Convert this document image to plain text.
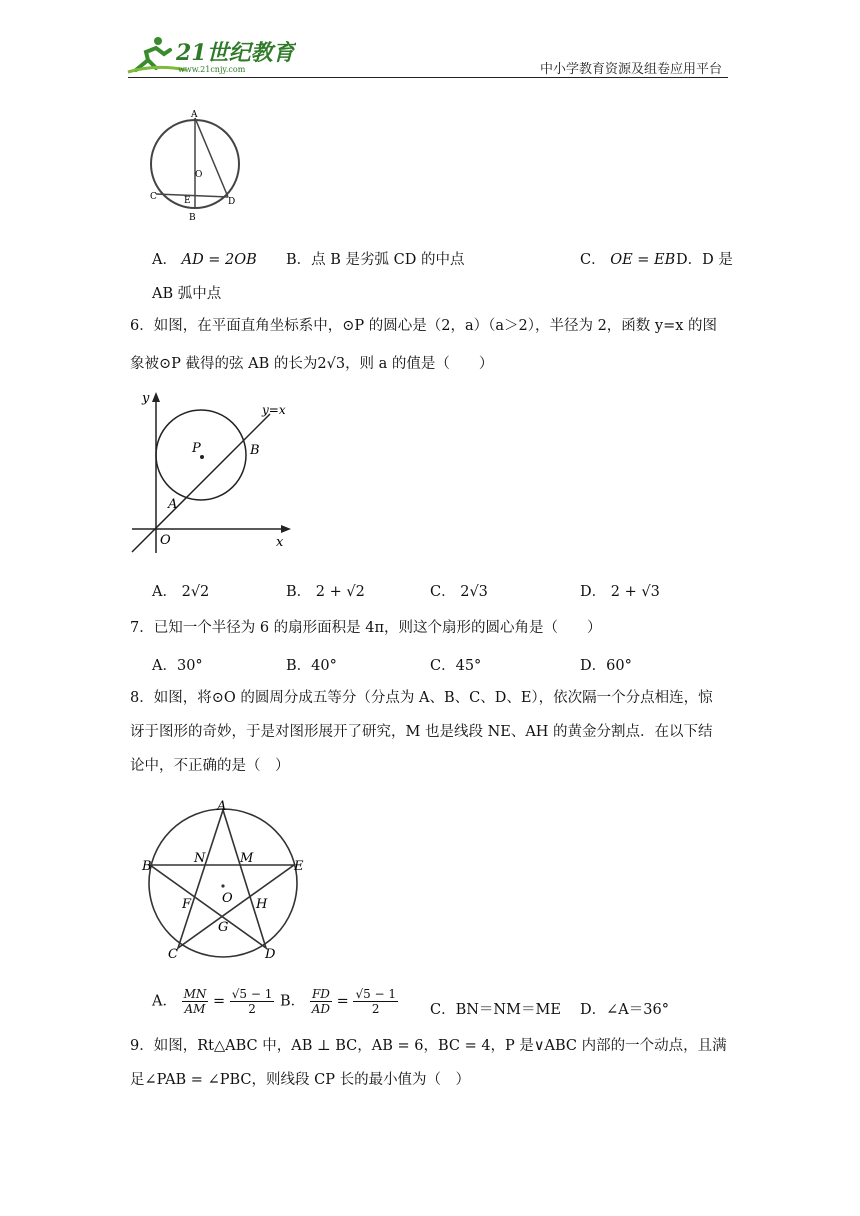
21世纪教育
www.21cnjy.com	中小学教育资源及组卷应用平台
A
O
C	E
B
D
A． AD = 2OB B．点 B 是劣弧 CD 的中点	C． OE = EB D．D 是
AB 弧中点
6．如图，在平面直角坐标系中，⊙P 的圆心是（2，a）（a＞2），半径为 2，函数 y=x 的图
象被⊙P 截得的弦 AB 的长为2√3，则 a 的值是（　　）
y
x
O
P
A
B
y=x
A． 2√2	B． 2 + √2	C． 2√3	D． 2 + √3
7．已知一个半径为 6 的扇形面积是 4π，则这个扇形的圆心角是（　　）
A．30°	B．40°	C．45°	D．60°
8．如图，将⊙O 的圆周分成五等分（分点为 A、B、C、D、E），依次隔一个分点相连，惊
讶于图形的奇妙，于是对图形展开了研究，M 也是线段 NE、AH 的黄金分割点．在以下结
论中，不正确的是（　）
A
B	E
C	D
N	M
F	H
G
O
A． $\frac{MN}{AM} = \frac{√5 - 1}{2}$ B． $\frac{FD}{AD} = \frac{√5 - 1}{2}$ C．BN＝NM＝ME D．∠A＝36°
9．如图，Rt△ABC 中，AB ⊥ BC，AB = 6，BC = 4，P 是∨ABC 内部的一个动点，且满
足∠PAB = ∠PBC，则线段 CP 长的最小值为（　）
